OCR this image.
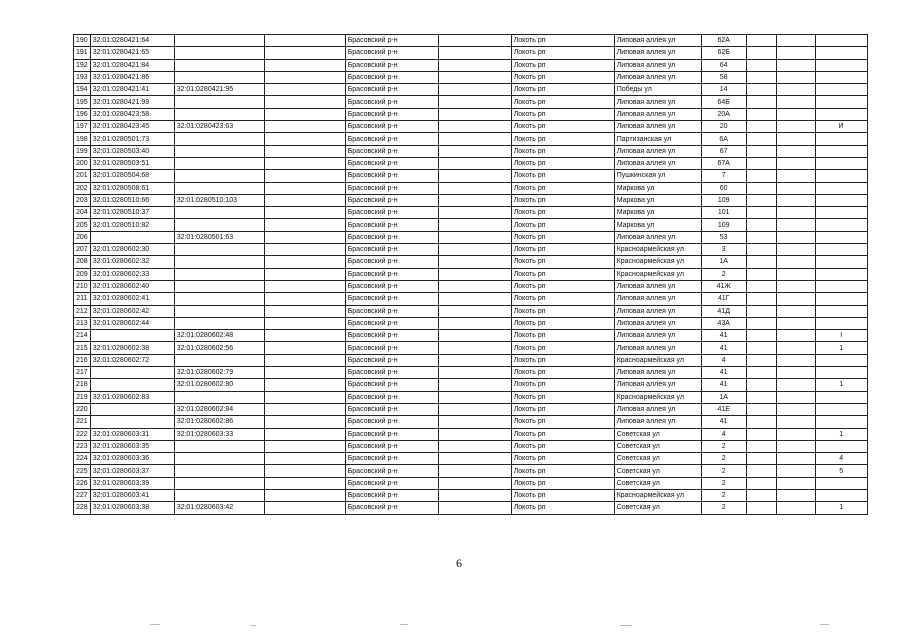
190	32:01:0280421:64			Брасовский р-н		Локоть рп	Липовая аллея ул	62А			
191	32:01:0280421:65			Брасовский р-н		Локоть рп	Липовая аллея ул	62Б			
192	32:01:0280421:84			Брасовский р-н		Локоть рп	Липовая аллея ул	64			
193	32:01:0280421:86			Брасовский р-н		Локоть рп	Липовая аллея ул	58			
194	32:01:0280421:41	32:01:0280421:95		Брасовский р-н		Локоть рп	Победы ул	14			
195	32:01:0280421:99			Брасовский р-н		Локоть рп	Липовая аллея ул	64Б			
196	32:01:0280423:58			Брасовский р-н		Локоть рп	Липовая аллея ул	20А			
197	32:01:0280423:45	32:01:0280423:63		Брасовский р-н		Локоть рп	Липовая аллея ул	20			И
198	32:01:0280501:73			Брасовский р-н		Локоть рп	Партизанская ул	6А			
199	32:01:0280503:40			Брасовский р-н		Локоть рп	Липовая аллея ул	67			
200	32:01:0280503:51			Брасовский р-н		Локоть рп	Липовая аллея ул	67А			
201	32:01:0280504:68			Брасовский р-н		Локоть рп	Пушкинская ул	7			
202	32:01:0280508:61			Брасовский р-н		Локоть рп	Маркова ул	60			
203	32:01:0280510:66	32:01:0280510:103		Брасовский р-н		Локоть рп	Маркова ул	109			
204	32:01:0280510:37			Брасовский р-н		Локоть рп	Маркова ул	101			
205	32:01:0280510:82			Брасовский р-н		Локоть рп	Маркова ул	109			
206		32:01:0280501:63		Брасовский р-н		Локоть рп	Липовая аллея ул	53			
207	32:01:0280602:30			Брасовский р-н		Локоть рп	Красноармейская ул	3			
208	32:01:0280602:32			Брасовский р-н		Локоть рп	Красноармейская ул	1А			
209	32:01:0280602:33			Брасовский р-н		Локоть рп	Красноармейская ул	2			
210	32:01:0280602:40			Брасовский р-н		Локоть рп	Липовая аллея ул	41Ж			
211	32:01:0280602:41			Брасовский р-н		Локоть рп	Липовая аллея ул	41Г			
212	32:01:0280602:42			Брасовский р-н		Локоть рп	Липовая аллея ул	41Д			
213	32:01:0280602:44			Брасовский р-н		Локоть рп	Липовая аллея ул	43А			
214		32:01:0280602:48		Брасовский р-н		Локоть рп	Липовая аллея ул	41			I
215	32:01:0280602:38	32:01:0280602:56		Брасовский р-н		Локоть рп	Липовая аллея ул	41			1
216	32:01:0280602:72			Брасовский р-н		Локоть рп	Красноармейская ул	4			
217		32:01:0280602:79		Брасовский р-н		Локоть рп	Липовая аллея ул	41			
218		32:01:0280602:80		Брасовский р-н		Локоть рп	Липовая аллея ул	41			1
219	32:01:0280602:83			Брасовский р-н		Локоть рп	Красноармейская ул	1А			
220		32:01:0280602:84		Брасовский р-н		Локоть рп	Липовая аллея ул	41Е			
221		32:01:0280602:86		Брасовский р-н		Локоть рп	Липовая аллея ул	41			
222	32:01:0280603:31	32:01:0280603:33		Брасовский р-н		Локоть рп	Советская ул	4			1
223	32:01:0280603:35			Брасовский р-н		Локоть рп	Советская ул	2			
224	32:01:0280603:36			Брасовский р-н		Локоть рп	Советская ул	2			4
225	32:01:0280603:37			Брасовский р-н		Локоть рп	Советская ул	2			5
226	32:01:0280603:39			Брасовский р-н		Локоть рп	Советская ул	2			
227	32:01:0280603:41			Брасовский р-н		Локоть рп	Красноармейская ул	2			
228	32:01:0280603:38	32:01:0280603:42		Брасовский р-н		Локоть рп	Советская ул	2			1
6
